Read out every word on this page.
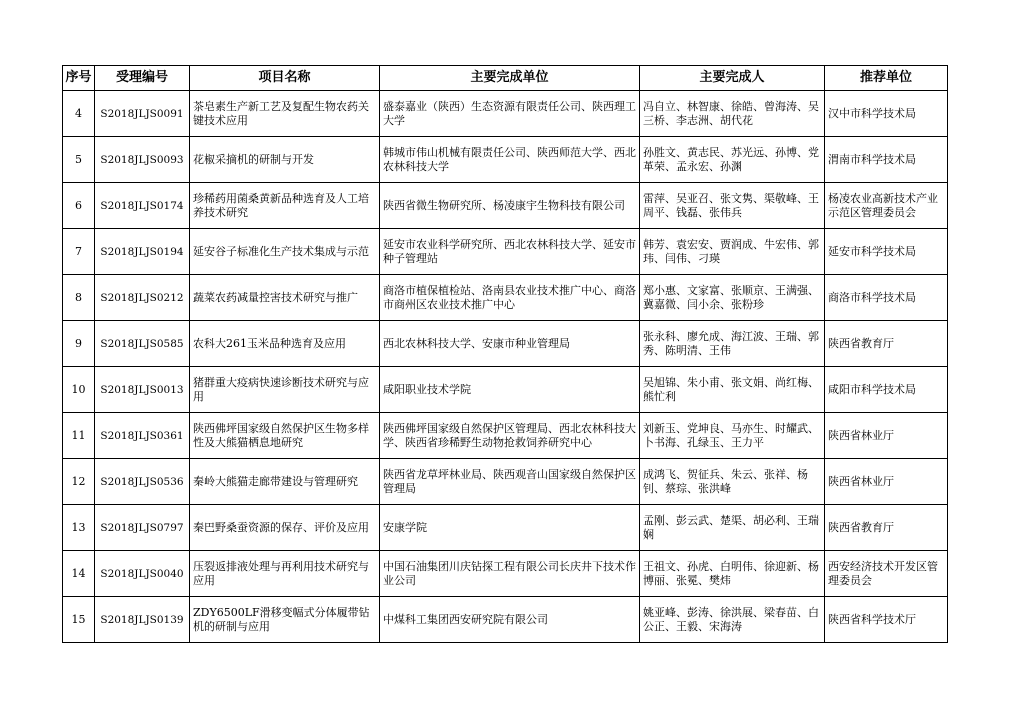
序号	受理编号	项目名称	主要完成单位	主要完成人	推荐单位
4	S2018JLJS0091	茶皂素生产新工艺及复配生物农药关键技术应用	盛泰嘉业（陕西）生态资源有限责任公司、陕西理工大学	冯自立、林智康、徐皓、曾海涛、吴三桥、李志洲、胡代花	汉中市科学技术局
5	S2018JLJS0093	花椒采摘机的研制与开发	韩城市伟山机械有限责任公司、陕西师范大学、西北农林科技大学	孙胜文、黄志民、苏光远、孙博、党革荣、孟永宏、孙渊	渭南市科学技术局
6	S2018JLJS0174	珍稀药用菌桑黄新品种选育及人工培养技术研究	陕西省微生物研究所、杨凌康宇生物科技有限公司	雷萍、吴亚召、张文隽、渠敬峰、王周平、钱磊、张伟兵	杨凌农业高新技术产业示范区管理委员会
7	S2018JLJS0194	延安谷子标准化生产技术集成与示范	延安市农业科学研究所、西北农林科技大学、延安市种子管理站	韩芳、袁宏安、贾润成、牛宏伟、郭玮、闫伟、刁瑛	延安市科学技术局
8	S2018JLJS0212	蔬菜农药减量控害技术研究与推广	商洛市植保植检站、洛南县农业技术推广中心、商洛市商州区农业技术推广中心	郑小惠、文家富、张顺京、王满强、冀嘉微、闫小余、张粉珍	商洛市科学技术局
9	S2018JLJS0585	农科大261玉米品种选育及应用	西北农林科技大学、安康市种业管理局	张永科、廖允成、海江波、王瑞、郭秀、陈明清、王伟	陕西省教育厅
10	S2018JLJS0013	猪群重大疫病快速诊断技术研究与应用	咸阳职业技术学院	吴旭锦、朱小甫、张文娟、尚红梅、熊忙利	咸阳市科学技术局
11	S2018JLJS0361	陕西佛坪国家级自然保护区生物多样性及大熊猫栖息地研究	陕西佛坪国家级自然保护区管理局、西北农林科技大学、陕西省珍稀野生动物抢救饲养研究中心	刘新玉、党坤良、马亦生、时耀武、卜书海、孔绿玉、王力平	陕西省林业厅
12	S2018JLJS0536	秦岭大熊猫走廊带建设与管理研究	陕西省龙草坪林业局、陕西观音山国家级自然保护区管理局	成鸿飞、贺征兵、朱云、张祥、杨钊、蔡琮、张洪峰	陕西省林业厅
13	S2018JLJS0797	秦巴野桑蚕资源的保存、评价及应用	安康学院	孟刚、彭云武、楚渠、胡必利、王瑞娴	陕西省教育厅
14	S2018JLJS0040	压裂返排液处理与再利用技术研究与应用	中国石油集团川庆钻探工程有限公司长庆井下技术作业公司	王祖文、孙虎、白明伟、徐迎新、杨博丽、张冕、樊炜	西安经济技术开发区管理委员会
15	S2018JLJS0139	ZDY6500LF滑移变幅式分体履带钻机的研制与应用	中煤科工集团西安研究院有限公司	姚亚峰、彭涛、徐洪展、梁春苗、白公正、王毅、宋海涛	陕西省科学技术厅
